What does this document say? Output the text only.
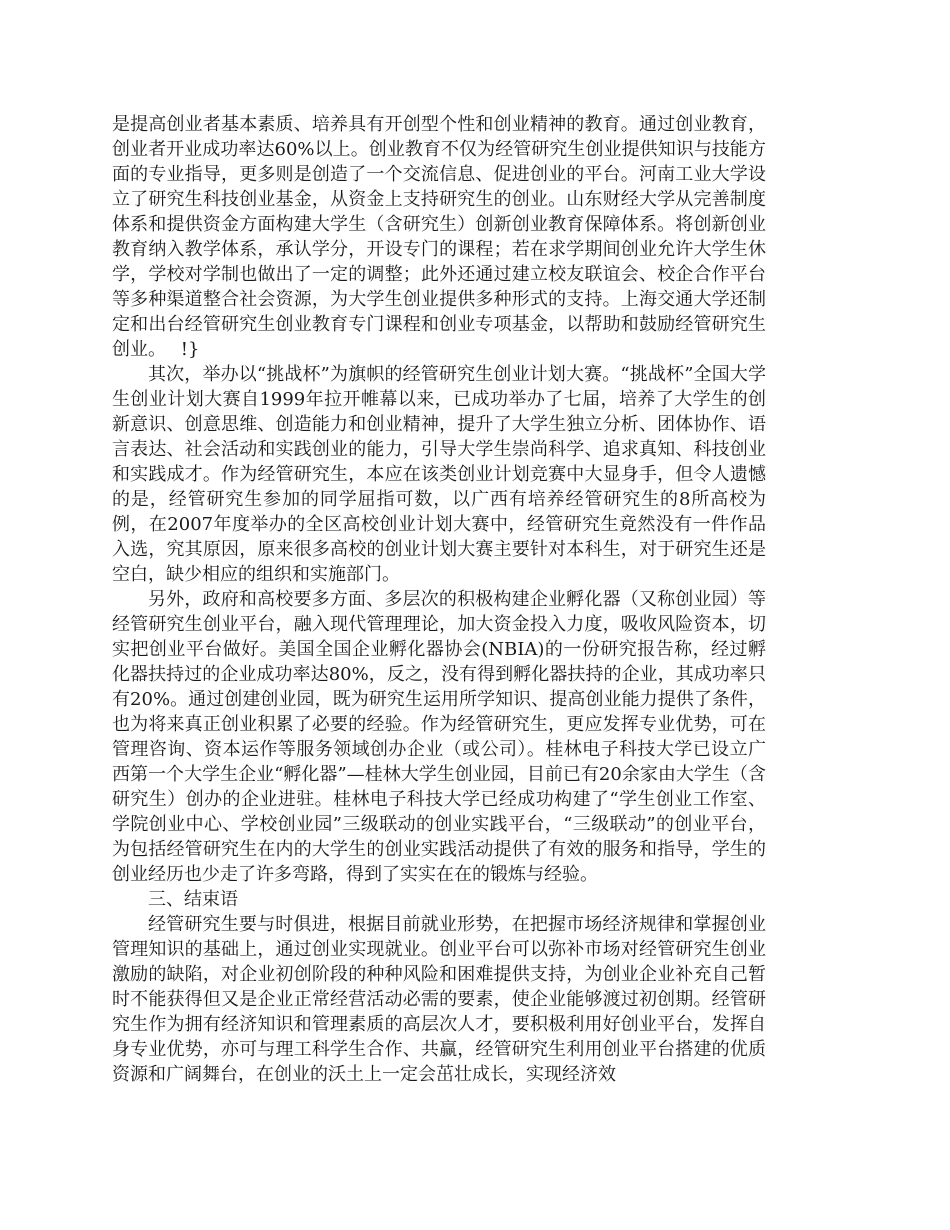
是提高创业者基本素质、培养具有开创型个性和创业精神的教育。通过创业教育，创业者开业成功率达60%以上。创业教育不仅为经管研究生创业提供知识与技能方面的专业指导，更多则是创造了一个交流信息、促进创业的平台。河南工业大学设立了研究生科技创业基金，从资金上支持研究生的创业。山东财经大学从完善制度体系和提供资金方面构建大学生（含研究生）创新创业教育保障体系。将创新创业教育纳入教学体系，承认学分，开设专门的课程；若在求学期间创业允许大学生休学，学校对学制也做出了一定的调整；此外还通过建立校友联谊会、校企合作平台等多种渠道整合社会资源，为大学生创业提供多种形式的支持。上海交通大学还制定和出台经管研究生创业教育专门课程和创业专项基金，以帮助和鼓励经管研究生创业。　 !}

其次，举办以“挑战杯”为旗帜的经管研究生创业计划大赛。“挑战杯”全国大学生创业计划大赛自1999年拉开帷幕以来，已成功举办了七届，培养了大学生的创新意识、创意思维、创造能力和创业精神，提升了大学生独立分析、团体协作、语言表达、社会活动和实践创业的能力，引导大学生崇尚科学、追求真知、科技创业和实践成才。作为经管研究生，本应在该类创业计划竞赛中大显身手，但令人遗憾的是，经管研究生参加的同学屈指可数，以广西有培养经管研究生的8所高校为例，在2007年度举办的全区高校创业计划大赛中，经管研究生竟然没有一件作品入选，究其原因，原来很多高校的创业计划大赛主要针对本科生，对于研究生还是空白，缺少相应的组织和实施部门。

另外，政府和高校要多方面、多层次的积极构建企业孵化器（又称创业园）等经管研究生创业平台，融入现代管理理论，加大资金投入力度，吸收风险资本，切实把创业平台做好。美国全国企业孵化器协会(NBIA)的一份研究报告称，经过孵化器扶持过的企业成功率达80%，反之，没有得到孵化器扶持的企业，其成功率只有20%。通过创建创业园，既为研究生运用所学知识、提高创业能力提供了条件，也为将来真正创业积累了必要的经验。作为经管研究生，更应发挥专业优势，可在管理咨询、资本运作等服务领域创办企业（或公司）。桂林电子科技大学已设立广西第一个大学生企业“孵化器”—桂林大学生创业园，目前已有20余家由大学生（含研究生）创办的企业进驻。桂林电子科技大学已经成功构建了“学生创业工作室、学院创业中心、学校创业园”三级联动的创业实践平台，“三级联动”的创业平台，为包括经管研究生在内的大学生的创业实践活动提供了有效的服务和指导，学生的创业经历也少走了许多弯路，得到了实实在在的锻炼与经验。

三、结束语

经管研究生要与时俱进，根据目前就业形势，在把握市场经济规律和掌握创业管理知识的基础上，通过创业实现就业。创业平台可以弥补市场对经管研究生创业激励的缺陷，对企业初创阶段的种种风险和困难提供支持，为创业企业补充自己暂时不能获得但又是企业正常经营活动必需的要素，使企业能够渡过初创期。经管研究生作为拥有经济知识和管理素质的高层次人才，要积极利用好创业平台，发挥自身专业优势，亦可与理工科学生合作、共赢，经管研究生利用创业平台搭建的优质资源和广阔舞台，在创业的沃土上一定会茁壮成长，实现经济效
